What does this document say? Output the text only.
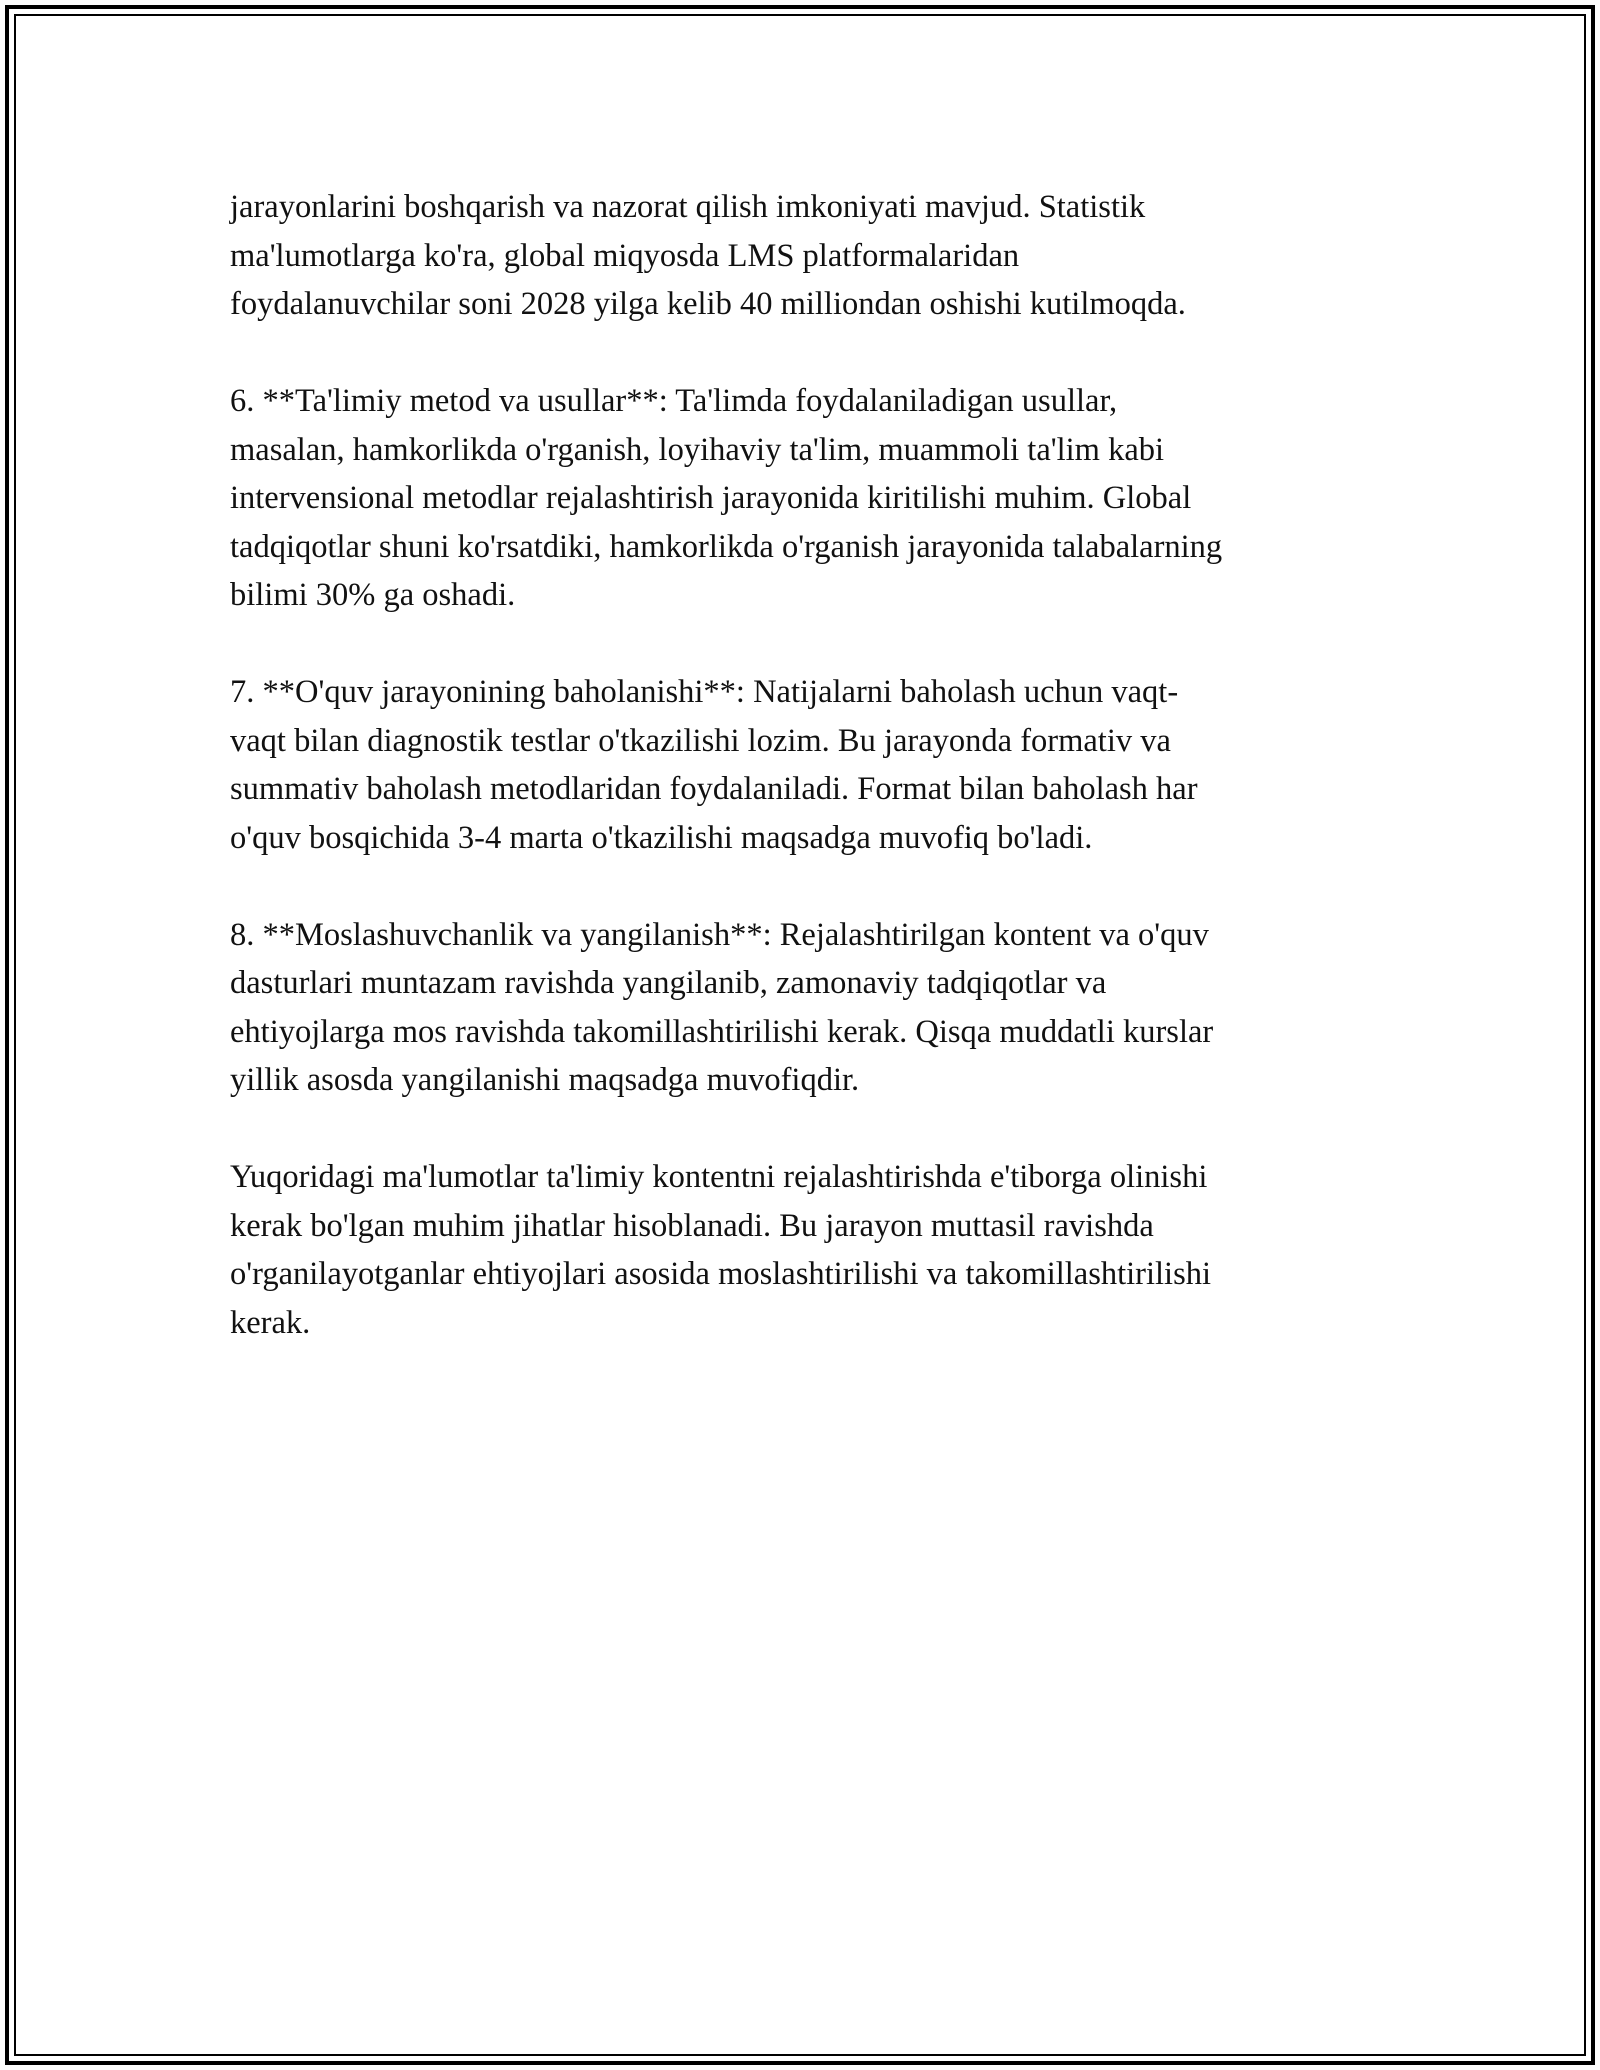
jarayonlarini boshqarish va nazorat qilish imkoniyati mavjud. Statistik
ma'lumotlarga ko'ra, global miqyosda LMS platformalaridan
foydalanuvchilar soni 2028 yilga kelib 40 milliondan oshishi kutilmoqda.

6. **Ta'limiy metod va usullar**: Ta'limda foydalaniladigan usullar,
masalan, hamkorlikda o'rganish, loyihaviy ta'lim, muammoli ta'lim kabi
intervensional metodlar rejalashtirish jarayonida kiritilishi muhim. Global
tadqiqotlar shuni ko'rsatdiki, hamkorlikda o'rganish jarayonida talabalarning
bilimi 30% ga oshadi.

7. **O'quv jarayonining baholanishi**: Natijalarni baholash uchun vaqt-
vaqt bilan diagnostik testlar o'tkazilishi lozim. Bu jarayonda formativ va
summativ baholash metodlaridan foydalaniladi. Format bilan baholash har
o'quv bosqichida 3-4 marta o'tkazilishi maqsadga muvofiq bo'ladi.

8. **Moslashuvchanlik va yangilanish**: Rejalashtirilgan kontent va o'quv
dasturlari muntazam ravishda yangilanib, zamonaviy tadqiqotlar va
ehtiyojlarga mos ravishda takomillashtirilishi kerak. Qisqa muddatli kurslar
yillik asosda yangilanishi maqsadga muvofiqdir.

Yuqoridagi ma'lumotlar ta'limiy kontentni rejalashtirishda e'tiborga olinishi
kerak bo'lgan muhim jihatlar hisoblanadi. Bu jarayon muttasil ravishda
o'rganilayotganlar ehtiyojlari asosida moslashtirilishi va takomillashtirilishi
kerak.
